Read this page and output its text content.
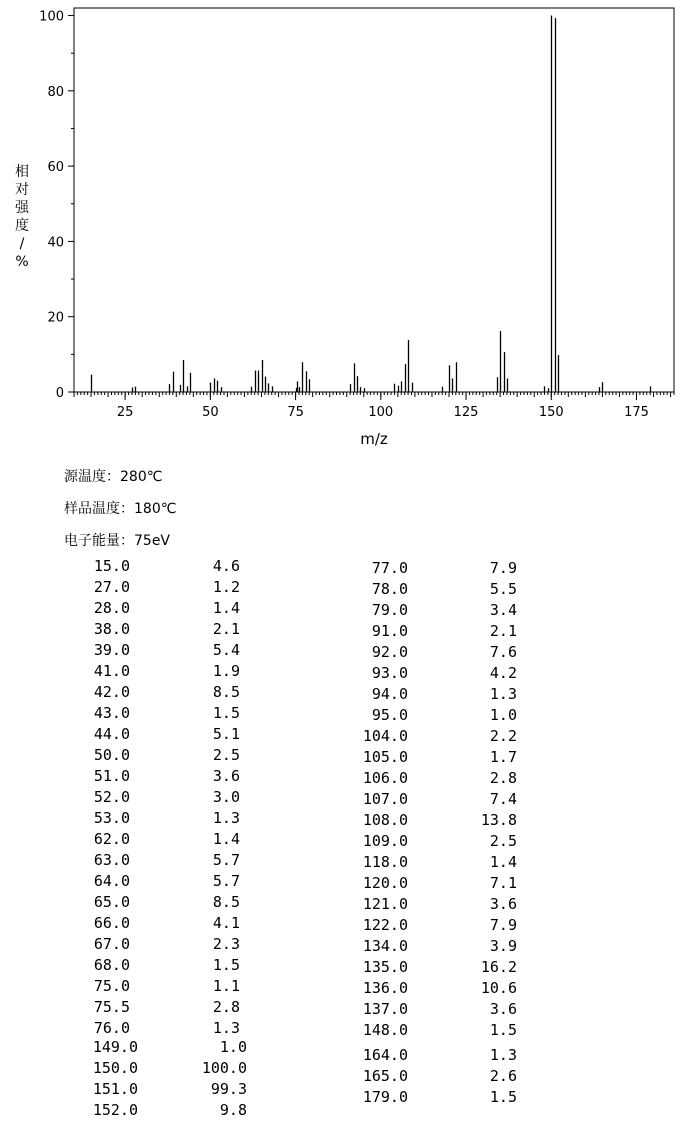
0
20
40
60
80
100
25	50	75	100	125	150	175
m/z
相对强度/ %
源温度：280℃
样品温度：180℃
电子能量：75eV
15.0	4.6
27.0	1.2
28.0	1.4
38.0	2.1
39.0	5.4
41.0	1.9
42.0	8.5
43.0	1.5
44.0	5.1
50.0	2.5
51.0	3.6
52.0	3.0
53.0	1.3
62.0	1.4
63.0	5.7
64.0	5.7
65.0	8.5
66.0	4.1
67.0	2.3
68.0	1.5
75.0	1.1
75.5	2.8
76.0	1.3
149.0	1.0
150.0	100.0
151.0	99.3
152.0	9.8
77.0	7.9
78.0	5.5
79.0	3.4
91.0	2.1
92.0	7.6
93.0	4.2
94.0	1.3
95.0	1.0
104.0	2.2
105.0	1.7
106.0	2.8
107.0	7.4
108.0	13.8
109.0	2.5
118.0	1.4
120.0	7.1
121.0	3.6
122.0	7.9
134.0	3.9
135.0	16.2
136.0	10.6
137.0	3.6
148.0	1.5
164.0	1.3
165.0	2.6
179.0	1.5
